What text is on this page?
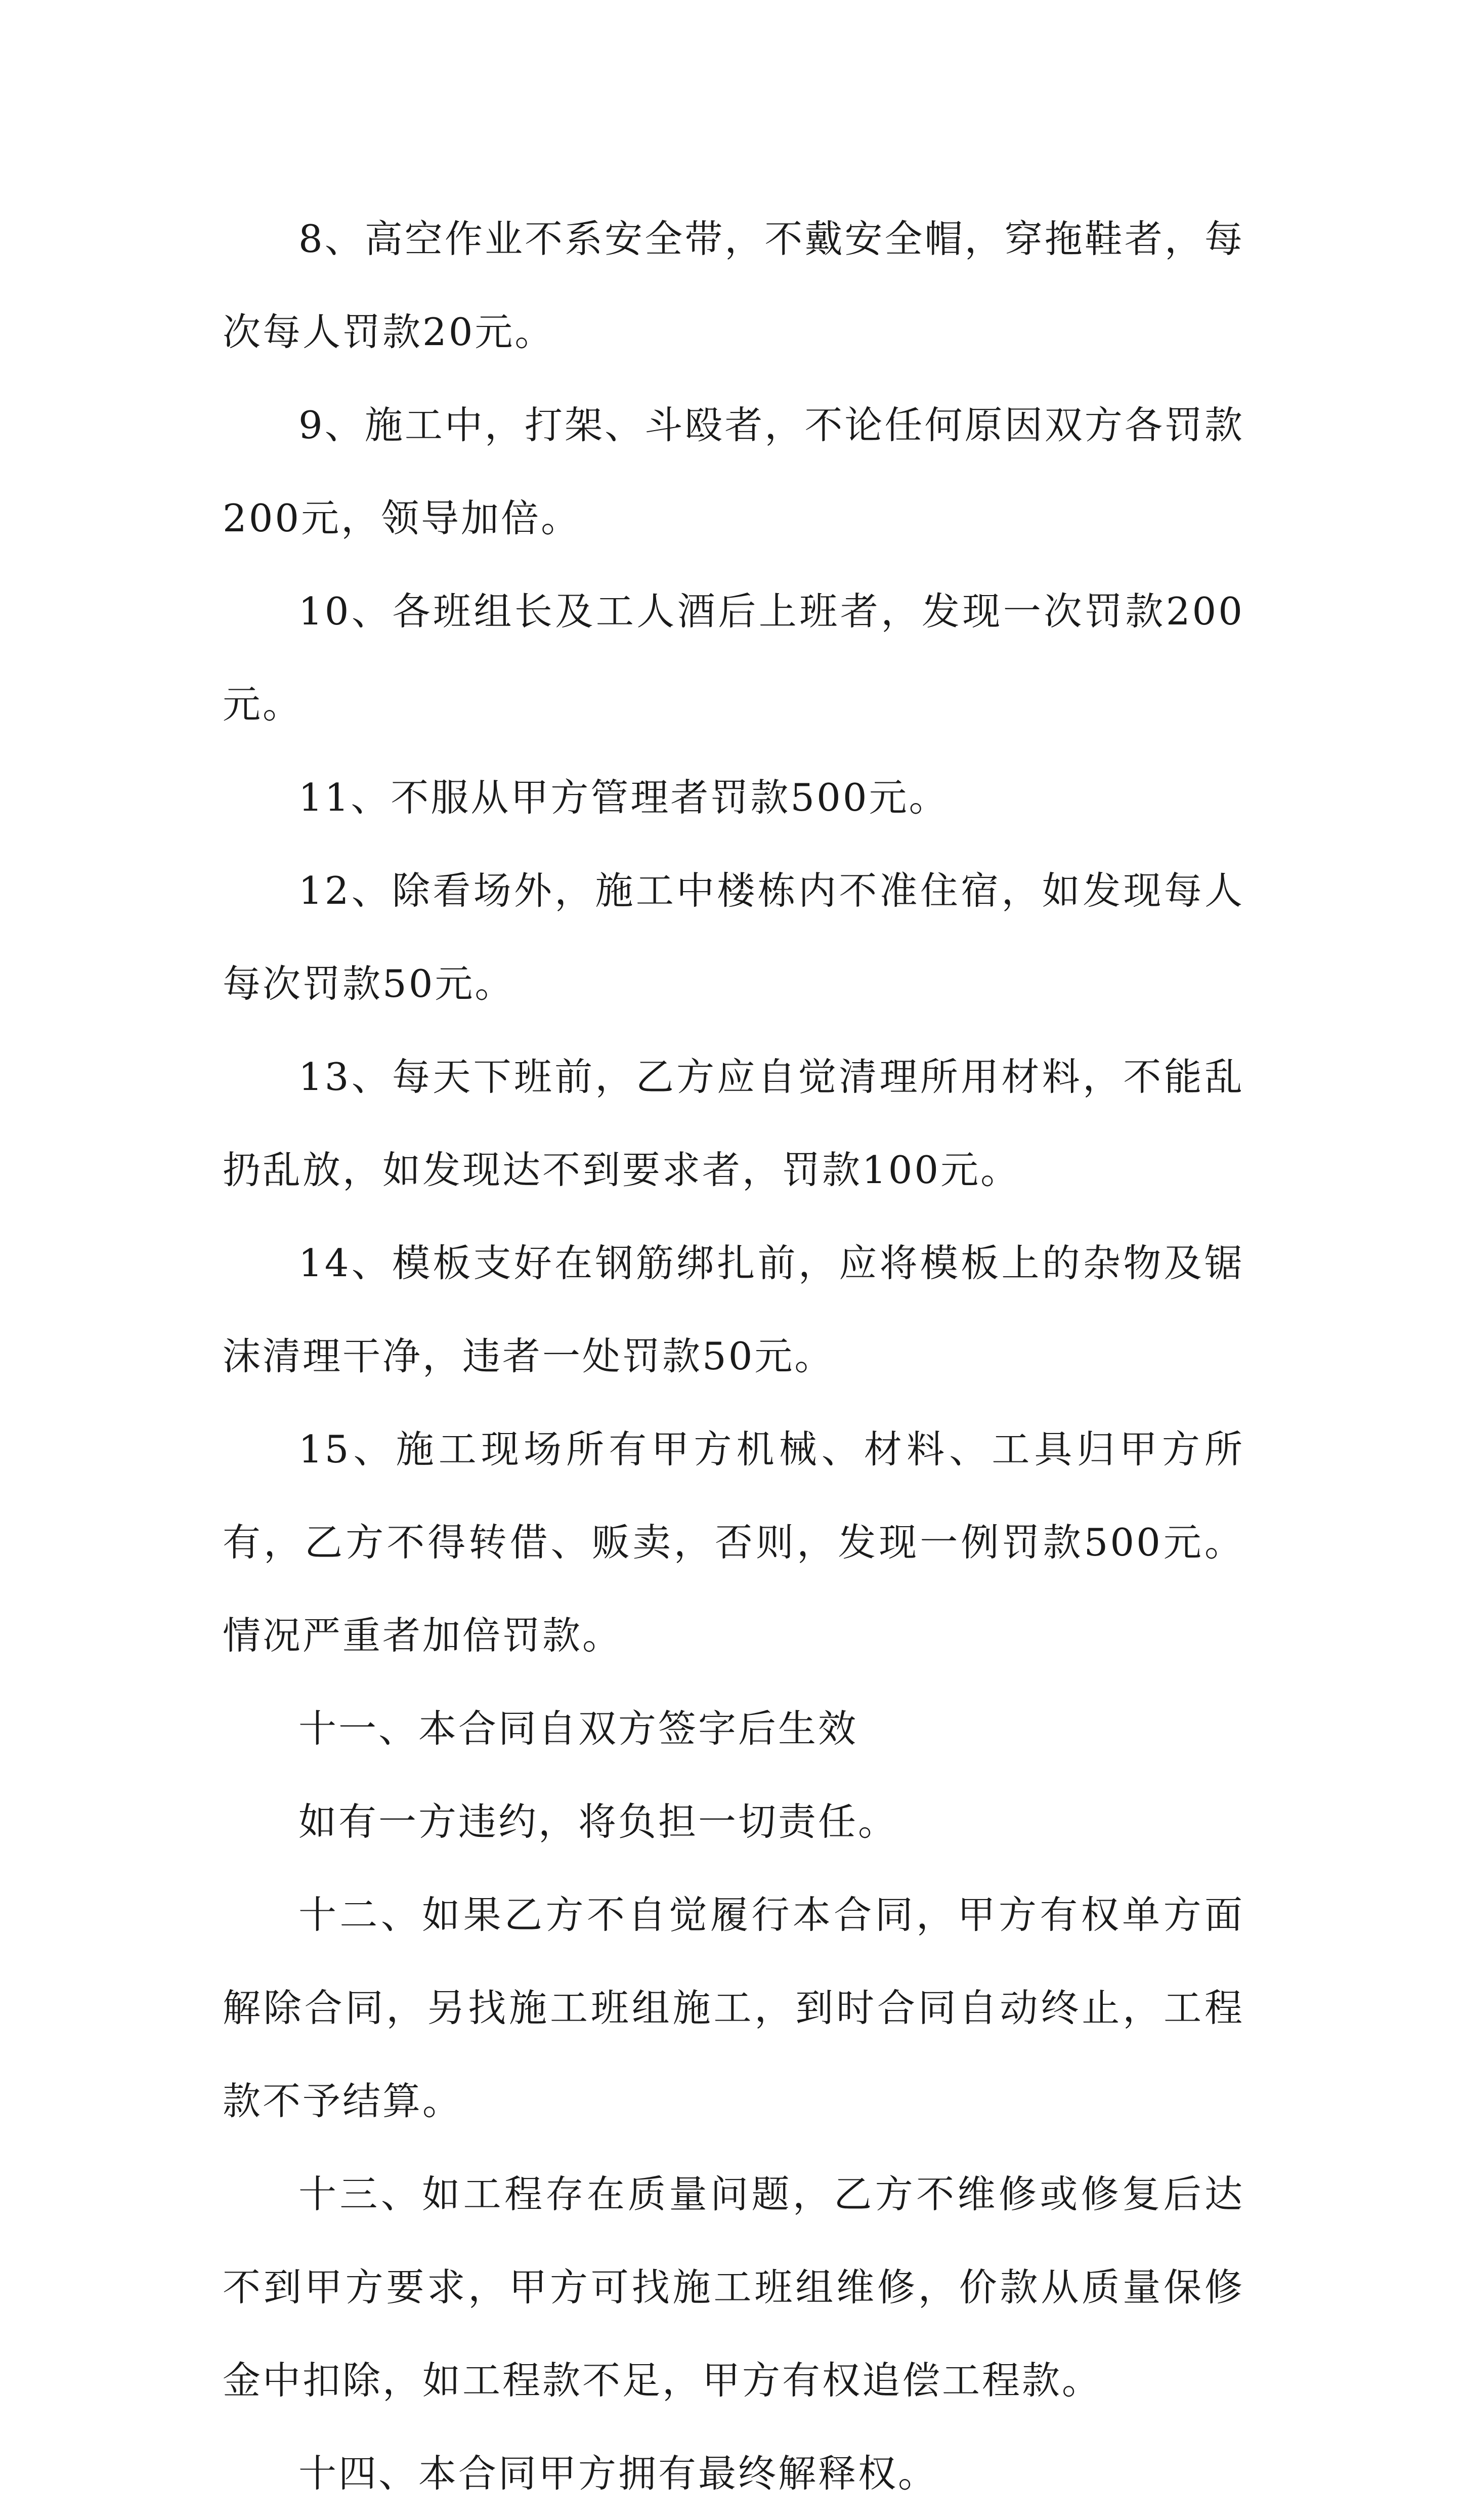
8、高空作业不系安全带，不戴安全帽，穿拖鞋者，每次每人罚款20元。

9、施工中，打架、斗殴者，不论任何原因双方各罚款200元，领导加倍。

10、各班组长及工人酒后上班者，发现一次罚款200元。

11、不服从甲方管理者罚款500元。

12、除看场外，施工中楼栋内不准住宿，如发现每人每次罚款50元。

13、每天下班前，乙方应自觉清理所用材料，不能乱扔乱放，如发现达不到要求者，罚款100元。

14、模板支好在钢筋绑扎前，应将模板上的杂物及锯沫清理干净，违者一处罚款50元。

15、施工现场所有甲方机械、材料、工具归甲方所有，乙方不得转借、贩卖，否则，发现一例罚款500元。情况严重者加倍罚款。

十一、本合同自双方签字后生效

如有一方违约，将负担一切责任。

十二、如果乙方不自觉履行本合同，甲方有权单方面解除合同，另找施工班组施工，到时合同自动终止，工程款不予结算。

十三、如工程存在质量问题，乙方不维修或修复后达不到甲方要求，甲方可找施工班组维修，价款从质量保修金中扣除，如工程款不足，甲方有权追偿工程款。

十四、本合同甲方拥有最终解释权。
